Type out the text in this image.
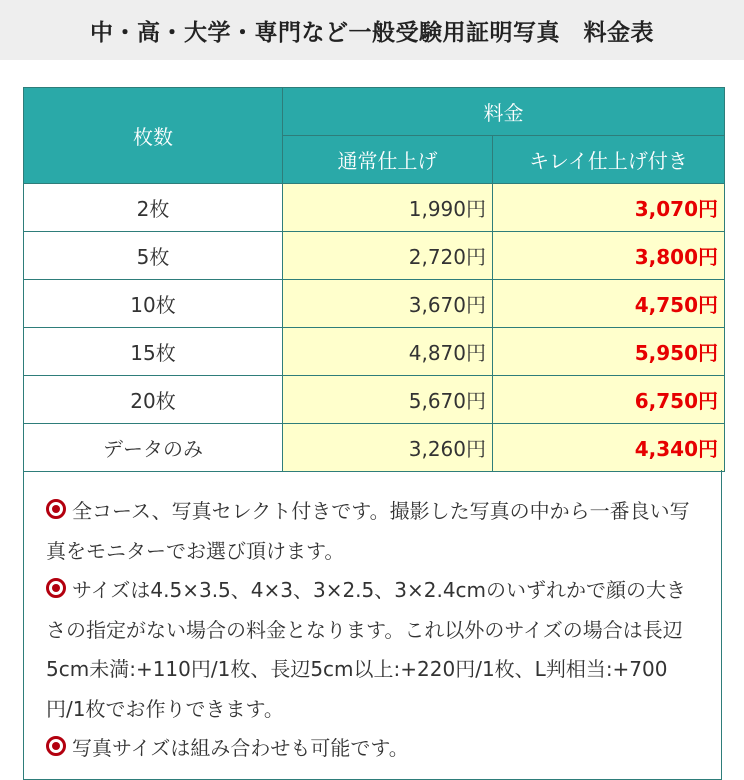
中・高・大学・専門など一般受験用証明写真　料金表
枚数	料金	
	通常仕上げ	キレイ仕上げ付き
2枚	1,990円	3,070円
5枚	2,720円	3,800円
10枚	3,670円	4,750円
15枚	4,870円	5,950円
20枚	5,670円	6,750円
データのみ	3,260円	4,340円

全コース、写真セレクト付きです。撮影した写真の中から一番良い写真をモニターでお選び頂けます。

サイズは4.5×3.5、4×3、3×2.5、3×2.4cmのいずれかで顔の大きさの指定がない場合の料金となります。これ以外のサイズの場合は長辺5cm未満:+110円/1枚、長辺5cm以上:+220円/1枚、L判相当:+700円/1枚でお作りできます。

写真サイズは組み合わせも可能です。
